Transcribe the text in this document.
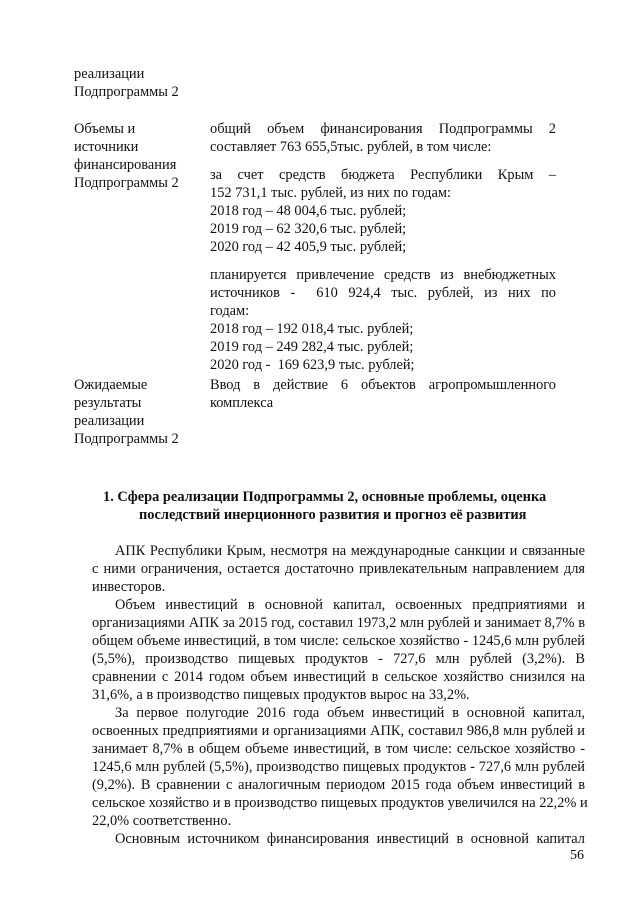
реализации
Подпрограммы 2
Объемы и
источники
финансирования
Подпрограммы 2
общий объем финансирования Подпрограммы 2
составляет 763 655,5тыс. рублей, в том числе:
за счет средств бюджета Республики Крым –
152 731,1 тыс. рублей, из них по годам:
2018 год – 48 004,6 тыс. рублей;
2019 год – 62 320,6 тыс. рублей;
2020 год – 42 405,9 тыс. рублей;
планируется привлечение средств из внебюджетных
источников -  610 924,4 тыс. рублей, из них по
годам:
2018 год – 192 018,4 тыс. рублей;
2019 год – 249 282,4 тыс. рублей;
2020 год -  169 623,9 тыс. рублей;
Ожидаемые
результаты
реализации
Подпрограммы 2
Ввод в действие 6 объектов агропромышленного
комплекса
1. Сфера реализации Подпрограммы 2, основные проблемы, оценка
последствий инерционного развития и прогноз её развития
АПК Республики Крым, несмотря на международные санкции и связанные
с ними ограничения, остается достаточно привлекательным направлением для
инвесторов.
Объем инвестиций в основной капитал, освоенных предприятиями и
организациями АПК за 2015 год, составил 1973,2 млн рублей и занимает 8,7% в
общем объеме инвестиций, в том числе: сельское хозяйство - 1245,6 млн рублей
(5,5%), производство пищевых продуктов - 727,6 млн рублей (3,2%). В
сравнении с 2014 годом объем инвестиций в сельское хозяйство снизился на
31,6%, а в производство пищевых продуктов вырос на 33,2%.
За первое полугодие 2016 года объем инвестиций в основной капитал,
освоенных предприятиями и организациями АПК, составил 986,8 млн рублей и
занимает 8,7% в общем объеме инвестиций, в том числе: сельское хозяйство -
1245,6 млн рублей (5,5%), производство пищевых продуктов - 727,6 млн рублей
(9,2%). В сравнении с аналогичным периодом 2015 года объем инвестиций в
сельское хозяйство и в производство пищевых продуктов увеличился на 22,2% и
22,0% соответственно.
Основным источником финансирования инвестиций в основной капитал
56
